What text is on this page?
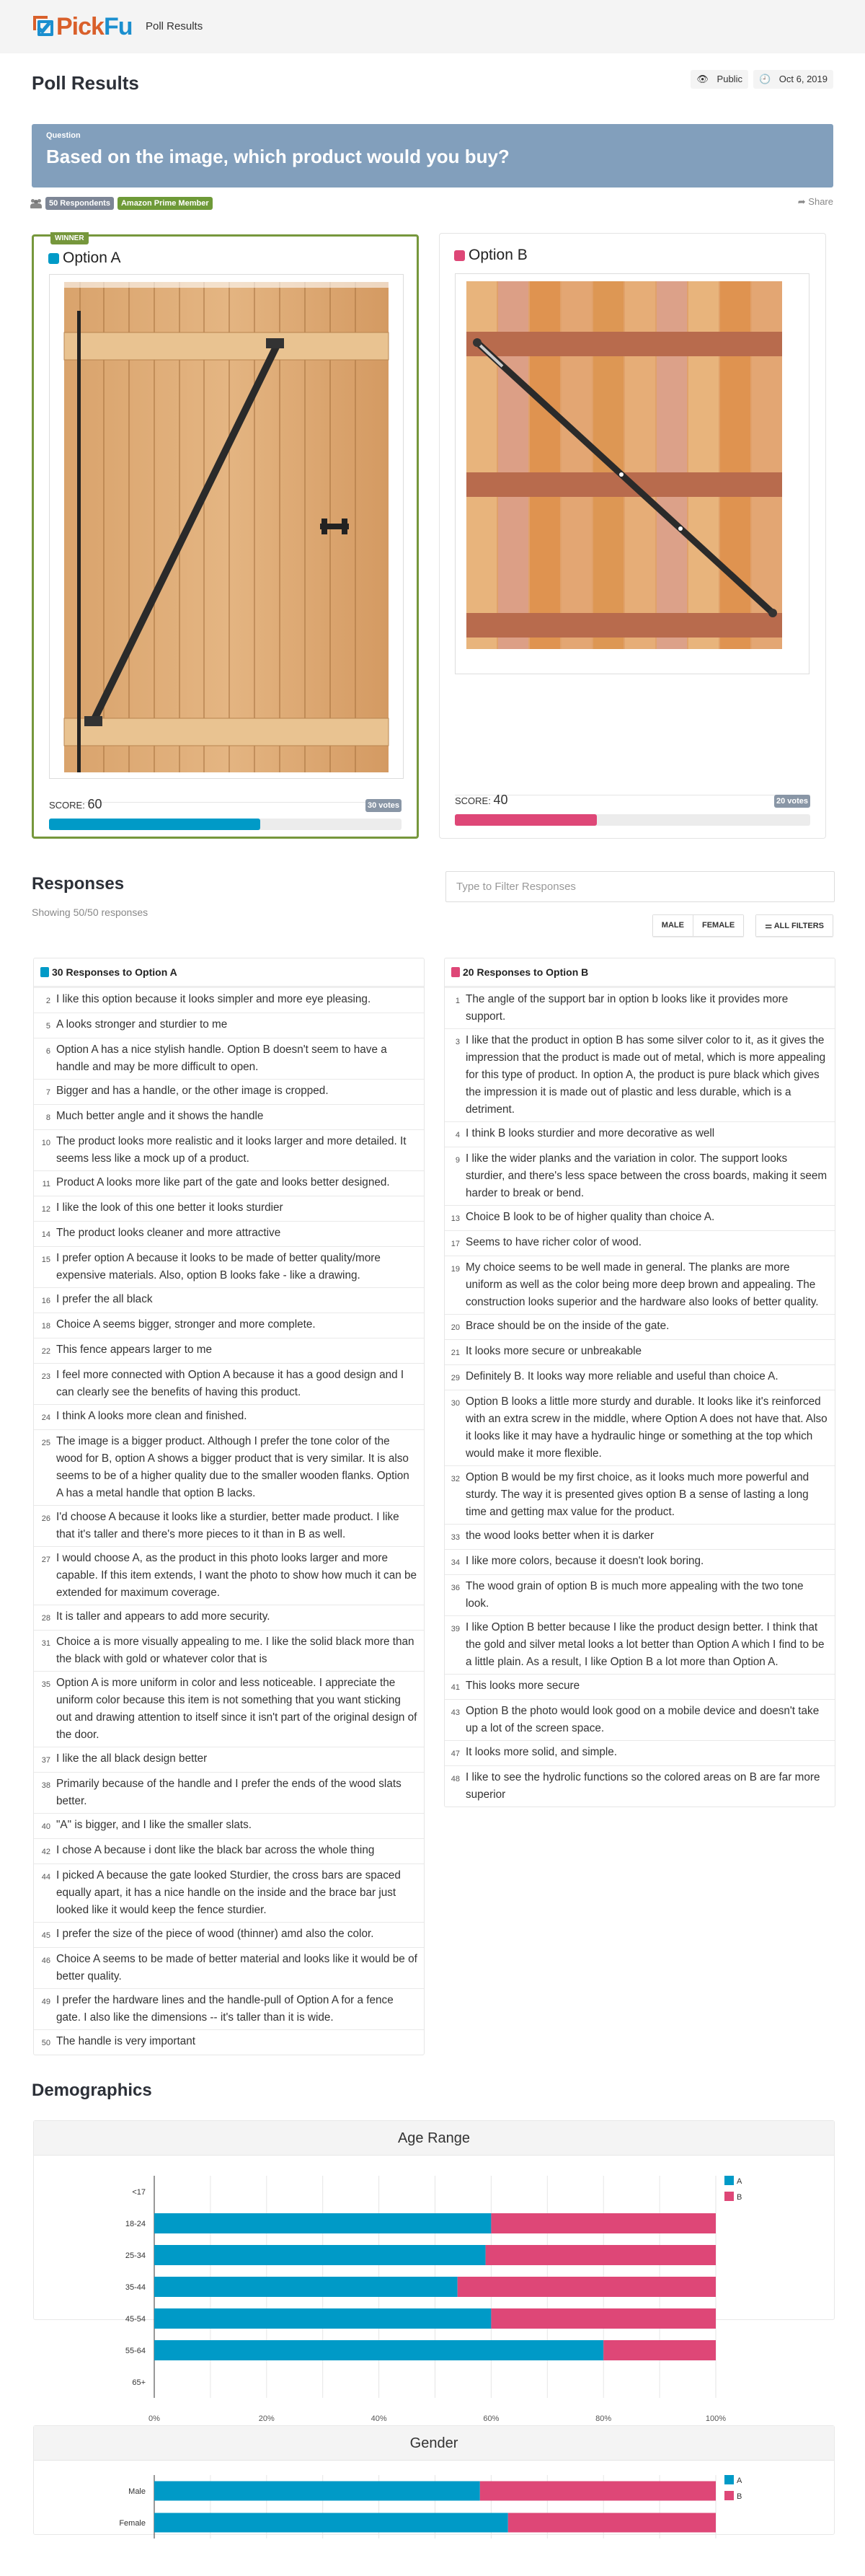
PickFu Poll Results
Poll Results	👁 Public	🕘 Oct 6, 2019
Question
Based on the image, which product would you buy?
50 Respondents	Amazon Prime Member	➦ Share
WINNER
Option A
SCORE: 60	30 votes
Option B
SCORE: 40	20 votes
Responses
Showing 50/50 responses
Type to Filter Responses
MALE	FEMALE	⚌ ALL FILTERS
30 Responses to Option A
2 I like this option because it looks simpler and more eye pleasing.
5 A looks stronger and sturdier to me
6 Option A has a nice stylish handle. Option B doesn't seem to have a handle and may be more difficult to open.
7 Bigger and has a handle, or the other image is cropped.
8 Much better angle and it shows the handle
10 The product looks more realistic and it looks larger and more detailed. It seems less like a mock up of a product.
11 Product A looks more like part of the gate and looks better designed.
12 I like the look of this one better it looks sturdier
14 The product looks cleaner and more attractive
15 I prefer option A because it looks to be made of better quality/more expensive materials. Also, option B looks fake - like a drawing.
16 I prefer the all black
18 Choice A seems bigger, stronger and more complete.
22 This fence appears larger to me
23 I feel more connected with Option A because it has a good design and I can clearly see the benefits of having this product.
24 I think A looks more clean and finished.
25 The image is a bigger product. Although I prefer the tone color of the wood for B, option A shows a bigger product that is very similar. It is also seems to be of a higher quality due to the smaller wooden flanks. Option A has a metal handle that option B lacks.
26 I'd choose A because it looks like a sturdier, better made product. I like that it's taller and there's more pieces to it than in B as well.
27 I would choose A, as the product in this photo looks larger and more capable. If this item extends, I want the photo to show how much it can be extended for maximum coverage.
28 It is taller and appears to add more security.
31 Choice a is more visually appealing to me. I like the solid black more than the black with gold or whatever color that is
35 Option A is more uniform in color and less noticeable. I appreciate the uniform color because this item is not something that you want sticking out and drawing attention to itself since it isn't part of the original design of the door.
37 I like the all black design better
38 Primarily because of the handle and I prefer the ends of the wood slats better.
40 "A" is bigger, and I like the smaller slats.
42 I chose A because i dont like the black bar across the whole thing
44 I picked A because the gate looked Sturdier, the cross bars are spaced equally apart, it has a nice handle on the inside and the brace bar just looked like it would keep the fence sturdier.
45 I prefer the size of the piece of wood (thinner) amd also the color.
46 Choice A seems to be made of better material and looks like it would be of better quality.
49 I prefer the hardware lines and the handle-pull of Option A for a fence gate. I also like the dimensions -- it's taller than it is wide.
50 The handle is very important
20 Responses to Option B
1 The angle of the support bar in option b looks like it provides more support.
3 I like that the product in option B has some silver color to it, as it gives the impression that the product is made out of metal, which is more appealing for this type of product. In option A, the product is pure black which gives the impression it is made out of plastic and less durable, which is a detriment.
4 I think B looks sturdier and more decorative as well
9 I like the wider planks and the variation in color. The support looks sturdier, and there's less space between the cross boards, making it seem harder to break or bend.
13 Choice B look to be of higher quality than choice A.
17 Seems to have richer color of wood.
19 My choice seems to be well made in general. The planks are more uniform as well as the color being more deep brown and appealing. The construction looks superior and the hardware also looks of better quality.
20 Brace should be on the inside of the gate.
21 It looks more secure or unbreakable
29 Definitely B. It looks way more reliable and useful than choice A.
30 Option B looks a little more sturdy and durable. It looks like it's reinforced with an extra screw in the middle, where Option A does not have that. Also it looks like it may have a hydraulic hinge or something at the top which would make it more flexible.
32 Option B would be my first choice, as it looks much more powerful and sturdy. The way it is presented gives option B a sense of lasting a long time and getting max value for the product.
33 the wood looks better when it is darker
34 I like more colors, because it doesn't look boring.
36 The wood grain of option B is much more appealing with the two tone look.
39 I like Option B better because I like the product design better. I think that the gold and silver metal looks a lot better than Option A which I find to be a little plain. As a result, I like Option B a lot more than Option A.
41 This looks more secure
43 Option B the photo would look good on a mobile device and doesn't take up a lot of the screen space.
47 It looks more solid, and simple.
48 I like to see the hydrolic functions so the colored areas on B are far more superior
Demographics
Age Range
<17
18-24
25-34
35-44
45-54
55-64
65+
0%	20%	40%	60%	80%	100%
A
B
Gender
Male
Female
A
B
